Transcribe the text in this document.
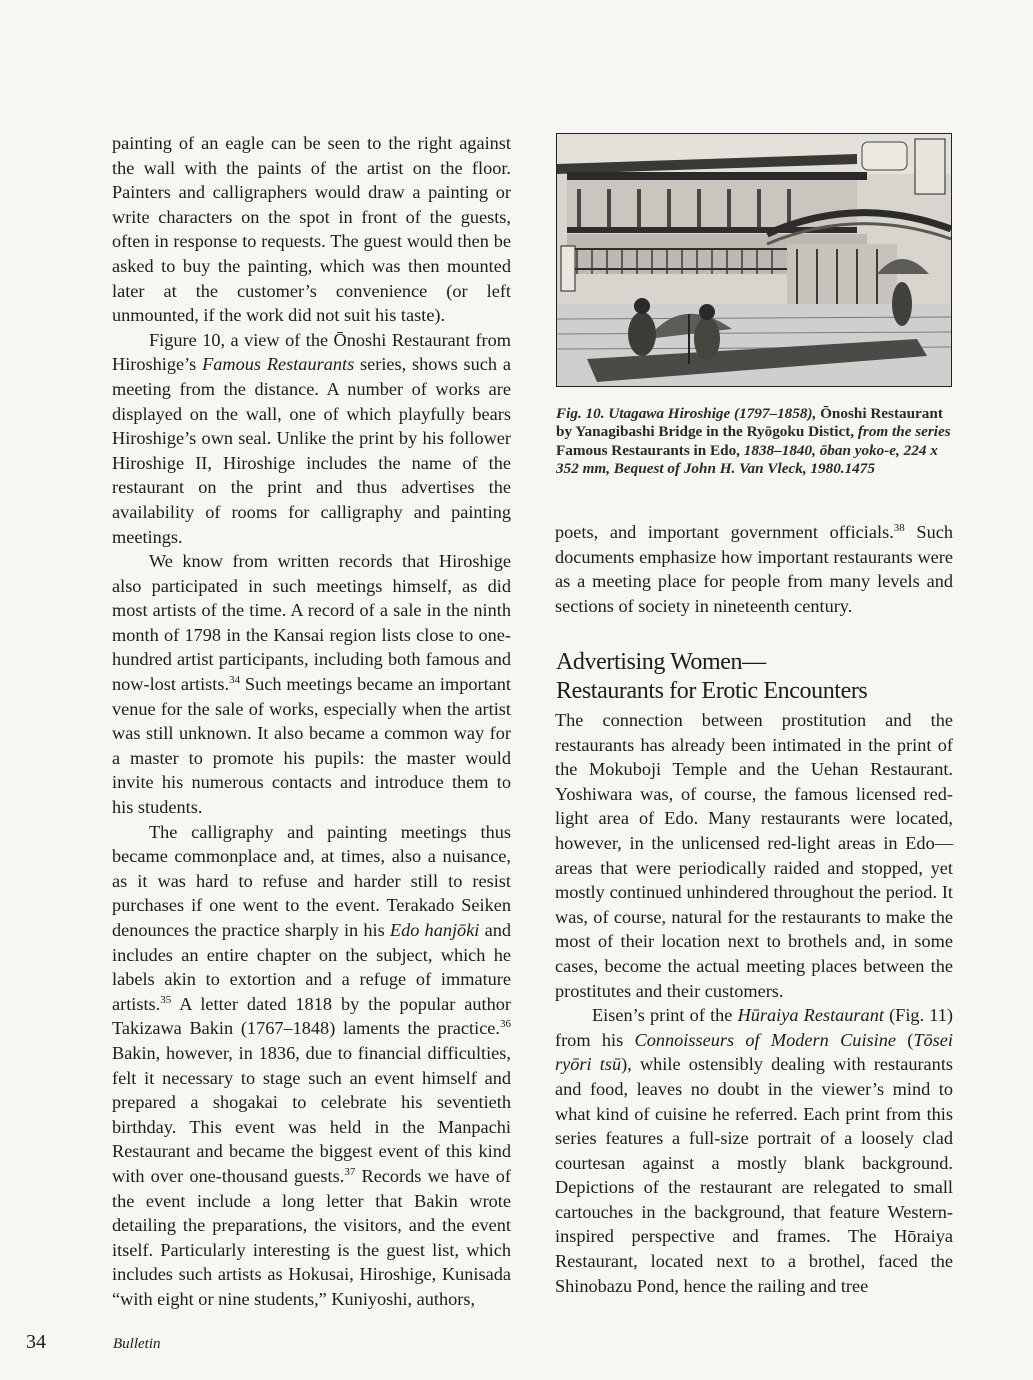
painting of an eagle can be seen to the right against the wall with the paints of the artist on the floor. Painters and calligraphers would draw a painting or write characters on the spot in front of the guests, often in response to requests. The guest would then be asked to buy the painting, which was then mounted later at the customer’s convenience (or left unmounted, if the work did not suit his taste).

Figure 10, a view of the Ōnoshi Restaurant from Hiroshige’s Famous Restaurants series, shows such a meeting from the distance. A number of works are displayed on the wall, one of which playfully bears Hiroshige’s own seal. Unlike the print by his follower Hiroshige II, Hiroshige includes the name of the restaurant on the print and thus advertises the availability of rooms for calligraphy and painting meetings.

We know from written records that Hiroshige also participated in such meetings himself, as did most artists of the time. A record of a sale in the ninth month of 1798 in the Kansai region lists close to one-hundred artist participants, including both famous and now-lost artists.$^{34}$ Such meetings became an important venue for the sale of works, especially when the artist was still unknown. It also became a common way for a master to promote his pupils: the master would invite his numerous contacts and introduce them to his students.

The calligraphy and painting meetings thus became commonplace and, at times, also a nuisance, as it was hard to refuse and harder still to resist purchases if one went to the event. Terakado Seiken denounces the practice sharply in his Edo hanjōki and includes an entire chapter on the subject, which he labels akin to extortion and a refuge of immature artists.$^{35}$ A letter dated 1818 by the popular author Takizawa Bakin (1767–1848) laments the practice.$^{36}$ Bakin, however, in 1836, due to financial difficulties, felt it necessary to stage such an event himself and prepared a shogakai to celebrate his seventieth birthday. This event was held in the Manpachi Restaurant and became the biggest event of this kind with over one-thousand guests.$^{37}$ Records we have of the event include a long letter that Bakin wrote detailing the preparations, the visitors, and the event itself. Particularly interesting is the guest list, which includes such artists as Hokusai, Hiroshige, Kunisada “with eight or nine students,” Kuniyoshi, authors,

Fig. 10. Utagawa Hiroshige (1797–1858), Ōnoshi Restaurant by Yanagibashi Bridge in the Ryōgoku Distict, from the series Famous Restaurants in Edo, 1838–1840, ōban yoko-e, 224 x 352 mm, Bequest of John H. Van Vleck, 1980.1475

poets, and important government officials.$^{38}$ Such documents emphasize how important restaurants were as a meeting place for people from many levels and sections of society in nineteenth century.

Advertising Women—
Restaurants for Erotic Encounters

The connection between prostitution and the restaurants has already been intimated in the print of the Mokuboji Temple and the Uehan Restaurant. Yoshiwara was, of course, the famous licensed red-light area of Edo. Many restaurants were located, however, in the unlicensed red-light areas in Edo—areas that were periodically raided and stopped, yet mostly continued unhindered throughout the period. It was, of course, natural for the restaurants to make the most of their location next to brothels and, in some cases, become the actual meeting places between the prostitutes and their customers.

Eisen’s print of the Hūraiya Restaurant (Fig. 11) from his Connoisseurs of Modern Cuisine (Tōsei ryōri tsū), while ostensibly dealing with restaurants and food, leaves no doubt in the viewer’s mind to what kind of cuisine he referred. Each print from this series features a full-size portrait of a loosely clad courtesan against a mostly blank background. Depictions of the restaurant are relegated to small cartouches in the background, that feature Western-inspired perspective and frames. The Hōraiya Restaurant, located next to a brothel, faced the Shinobazu Pond, hence the railing and tree

34	Bulletin
